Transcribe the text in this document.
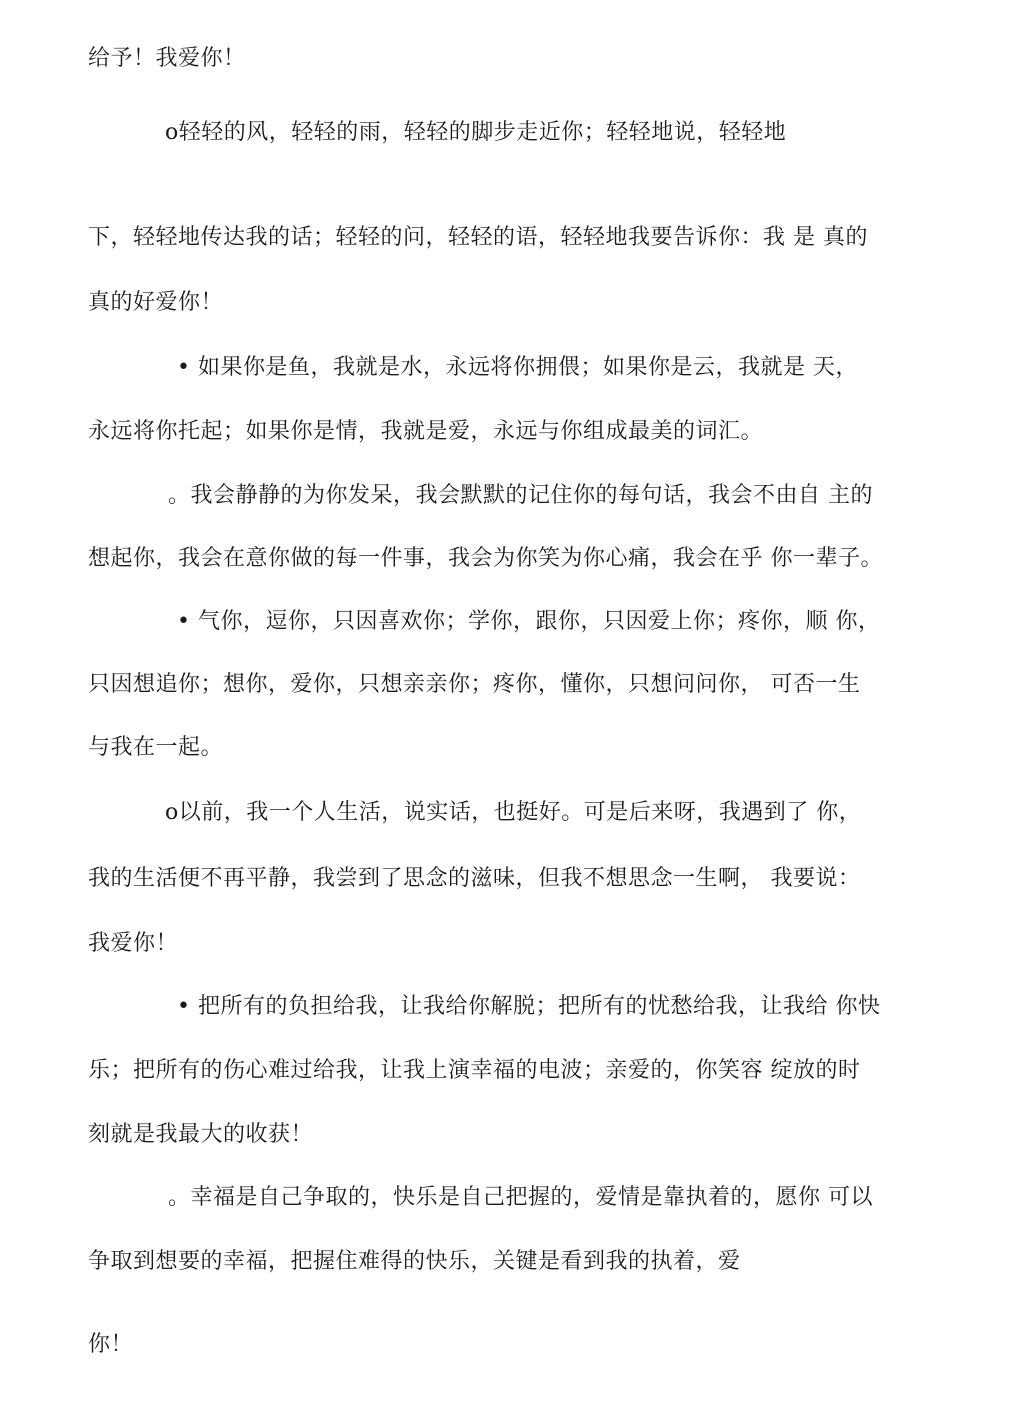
给予！我爱你！
o轻轻的风，轻轻的雨，轻轻的脚步走近你；轻轻地说，轻轻地
下，轻轻地传达我的话；轻轻的问，轻轻的语，轻轻地我要告诉你：我 是 真的
真的好爱你！
• 如果你是鱼，我就是水，永远将你拥偎；如果你是云，我就是 天，
永远将你托起；如果你是情，我就是爱，永远与你组成最美的词汇。
。我会静静的为你发呆，我会默默的记住你的每句话，我会不由自 主的
想起你，我会在意你做的每一件事，我会为你笑为你心痛，我会在乎 你一辈子。
• 气你，逗你，只因喜欢你；学你，跟你，只因爱上你；疼你，顺 你，
只因想追你；想你，爱你，只想亲亲你；疼你，懂你，只想问问你， 可否一生
与我在一起。
o以前，我一个人生活，说实话，也挺好。可是后来呀，我遇到了 你，
我的生活便不再平静，我尝到了思念的滋味，但我不想思念一生啊， 我要说：
我爱你！
• 把所有的负担给我，让我给你解脱；把所有的忧愁给我，让我给 你快
乐；把所有的伤心难过给我，让我上演幸福的电波；亲爱的，你笑容 绽放的时
刻就是我最大的收获！
。幸福是自己争取的，快乐是自己把握的，爱情是靠执着的，愿你 可以
争取到想要的幸福，把握住难得的快乐，关键是看到我的执着，爱
你！
